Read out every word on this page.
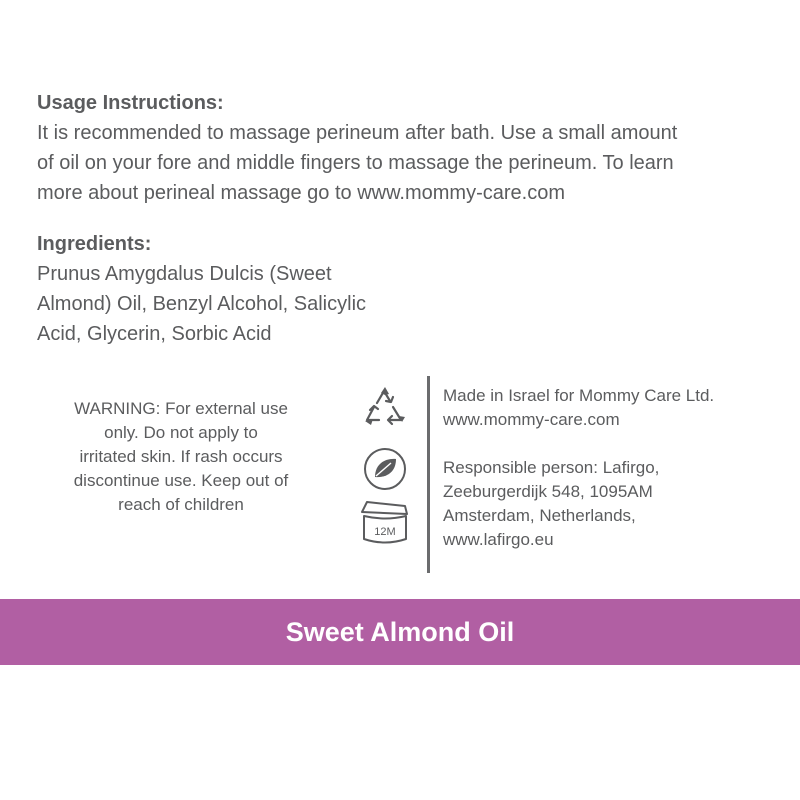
Usage Instructions:
It is recommended to massage perineum after bath. Use a small amount
of oil on your fore and middle fingers to massage the perineum. To learn
more about perineal massage go to www.mommy-care.com
Ingredients:
Prunus Amygdalus Dulcis (Sweet
Almond) Oil, Benzyl Alcohol, Salicylic
Acid, Glycerin, Sorbic Acid
WARNING: For external use
only. Do not apply to
irritated skin. If rash occurs
discontinue use. Keep out of
reach of children
12M
Made in Israel for Mommy Care Ltd.
www.mommy-care.com
Responsible person: Lafirgo,
Zeeburgerdijk 548, 1095AM
Amsterdam, Netherlands,
www.lafirgo.eu
Sweet Almond Oil
